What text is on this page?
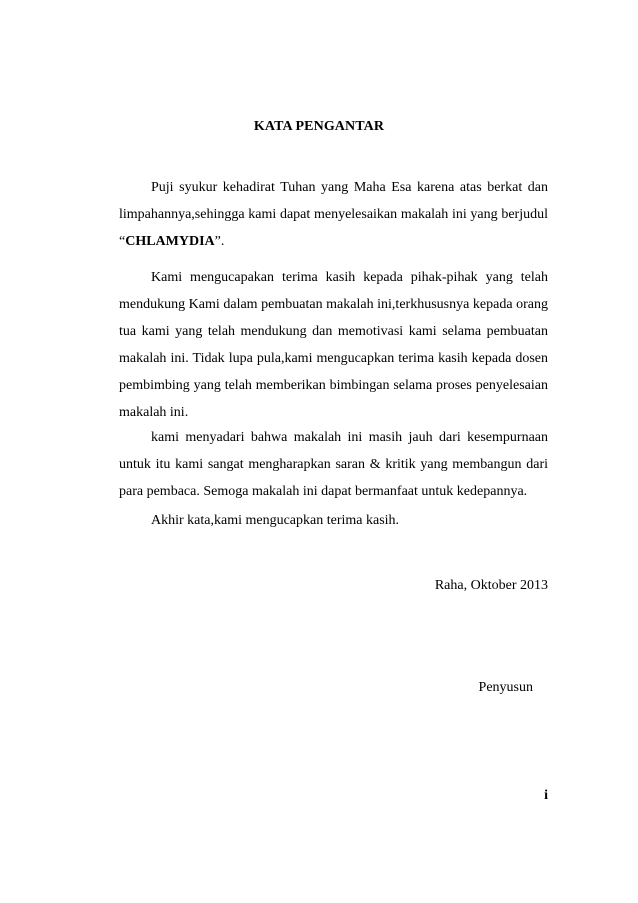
KATA PENGANTAR

Puji syukur kehadirat Tuhan yang Maha Esa karena atas berkat dan limpahannya,sehingga kami dapat menyelesaikan makalah ini yang berjudul “CHLAMYDIA”.

Kami mengucapakan terima kasih kepada pihak-pihak yang telah mendukung Kami dalam pembuatan makalah ini,terkhususnya kepada orang tua kami yang telah mendukung dan memotivasi kami selama pembuatan makalah ini. Tidak lupa pula,kami mengucapkan terima kasih kepada dosen pembimbing yang telah memberikan bimbingan selama proses penyelesaian makalah ini.

kami menyadari bahwa makalah ini masih jauh dari kesempurnaan untuk itu kami sangat mengharapkan saran & kritik yang membangun dari para pembaca. Semoga makalah ini dapat bermanfaat untuk kedepannya.

Akhir kata,kami mengucapkan terima kasih.

Raha, Oktober 2013
Penyusun
i
